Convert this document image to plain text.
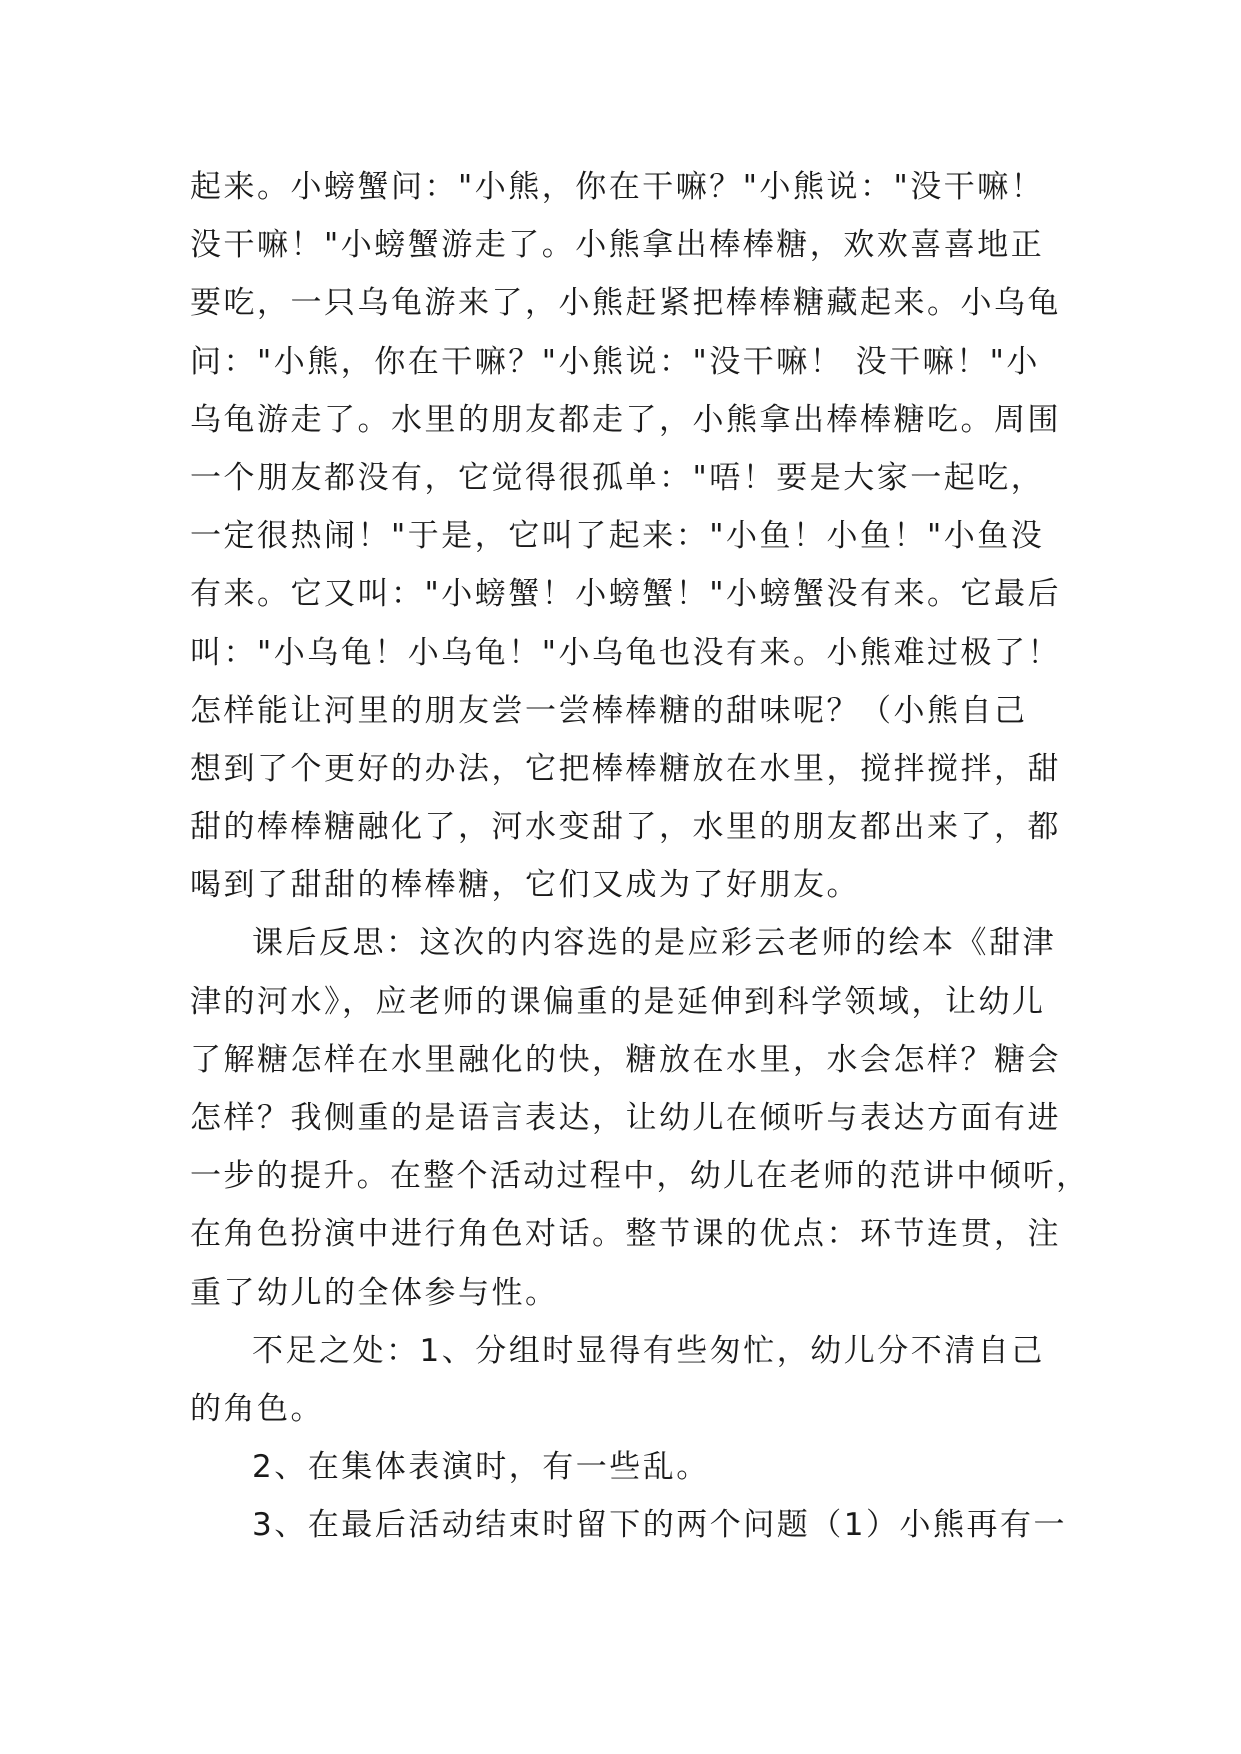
起来。小螃蟹问："小熊，你在干嘛？"小熊说："没干嘛！
没干嘛！"小螃蟹游走了。小熊拿出棒棒糖，欢欢喜喜地正
要吃，一只乌龟游来了，小熊赶紧把棒棒糖藏起来。小乌龟
问："小熊，你在干嘛？"小熊说："没干嘛！ 没干嘛！"小
乌龟游走了。水里的朋友都走了，小熊拿出棒棒糖吃。周围
一个朋友都没有，它觉得很孤单："唔！要是大家一起吃，
一定很热闹！"于是，它叫了起来："小鱼！小鱼！"小鱼没
有来。它又叫："小螃蟹！小螃蟹！"小螃蟹没有来。它最后
叫："小乌龟！小乌龟！"小乌龟也没有来。小熊难过极了！
怎样能让河里的朋友尝一尝棒棒糖的甜味呢？（小熊自己
想到了个更好的办法，它把棒棒糖放在水里，搅拌搅拌，甜
甜的棒棒糖融化了，河水变甜了，水里的朋友都出来了，都
喝到了甜甜的棒棒糖，它们又成为了好朋友。
课后反思：这次的内容选的是应彩云老师的绘本《甜津
津的河水》，应老师的课偏重的是延伸到科学领域，让幼儿
了解糖怎样在水里融化的快，糖放在水里，水会怎样？糖会
怎样？我侧重的是语言表达，让幼儿在倾听与表达方面有进
一步的提升。在整个活动过程中，幼儿在老师的范讲中倾听，
在角色扮演中进行角色对话。整节课的优点：环节连贯，注
重了幼儿的全体参与性。
不足之处：1、分组时显得有些匆忙，幼儿分不清自己
的角色。
2、在集体表演时，有一些乱。
3、在最后活动结束时留下的两个问题（1）小熊再有一
